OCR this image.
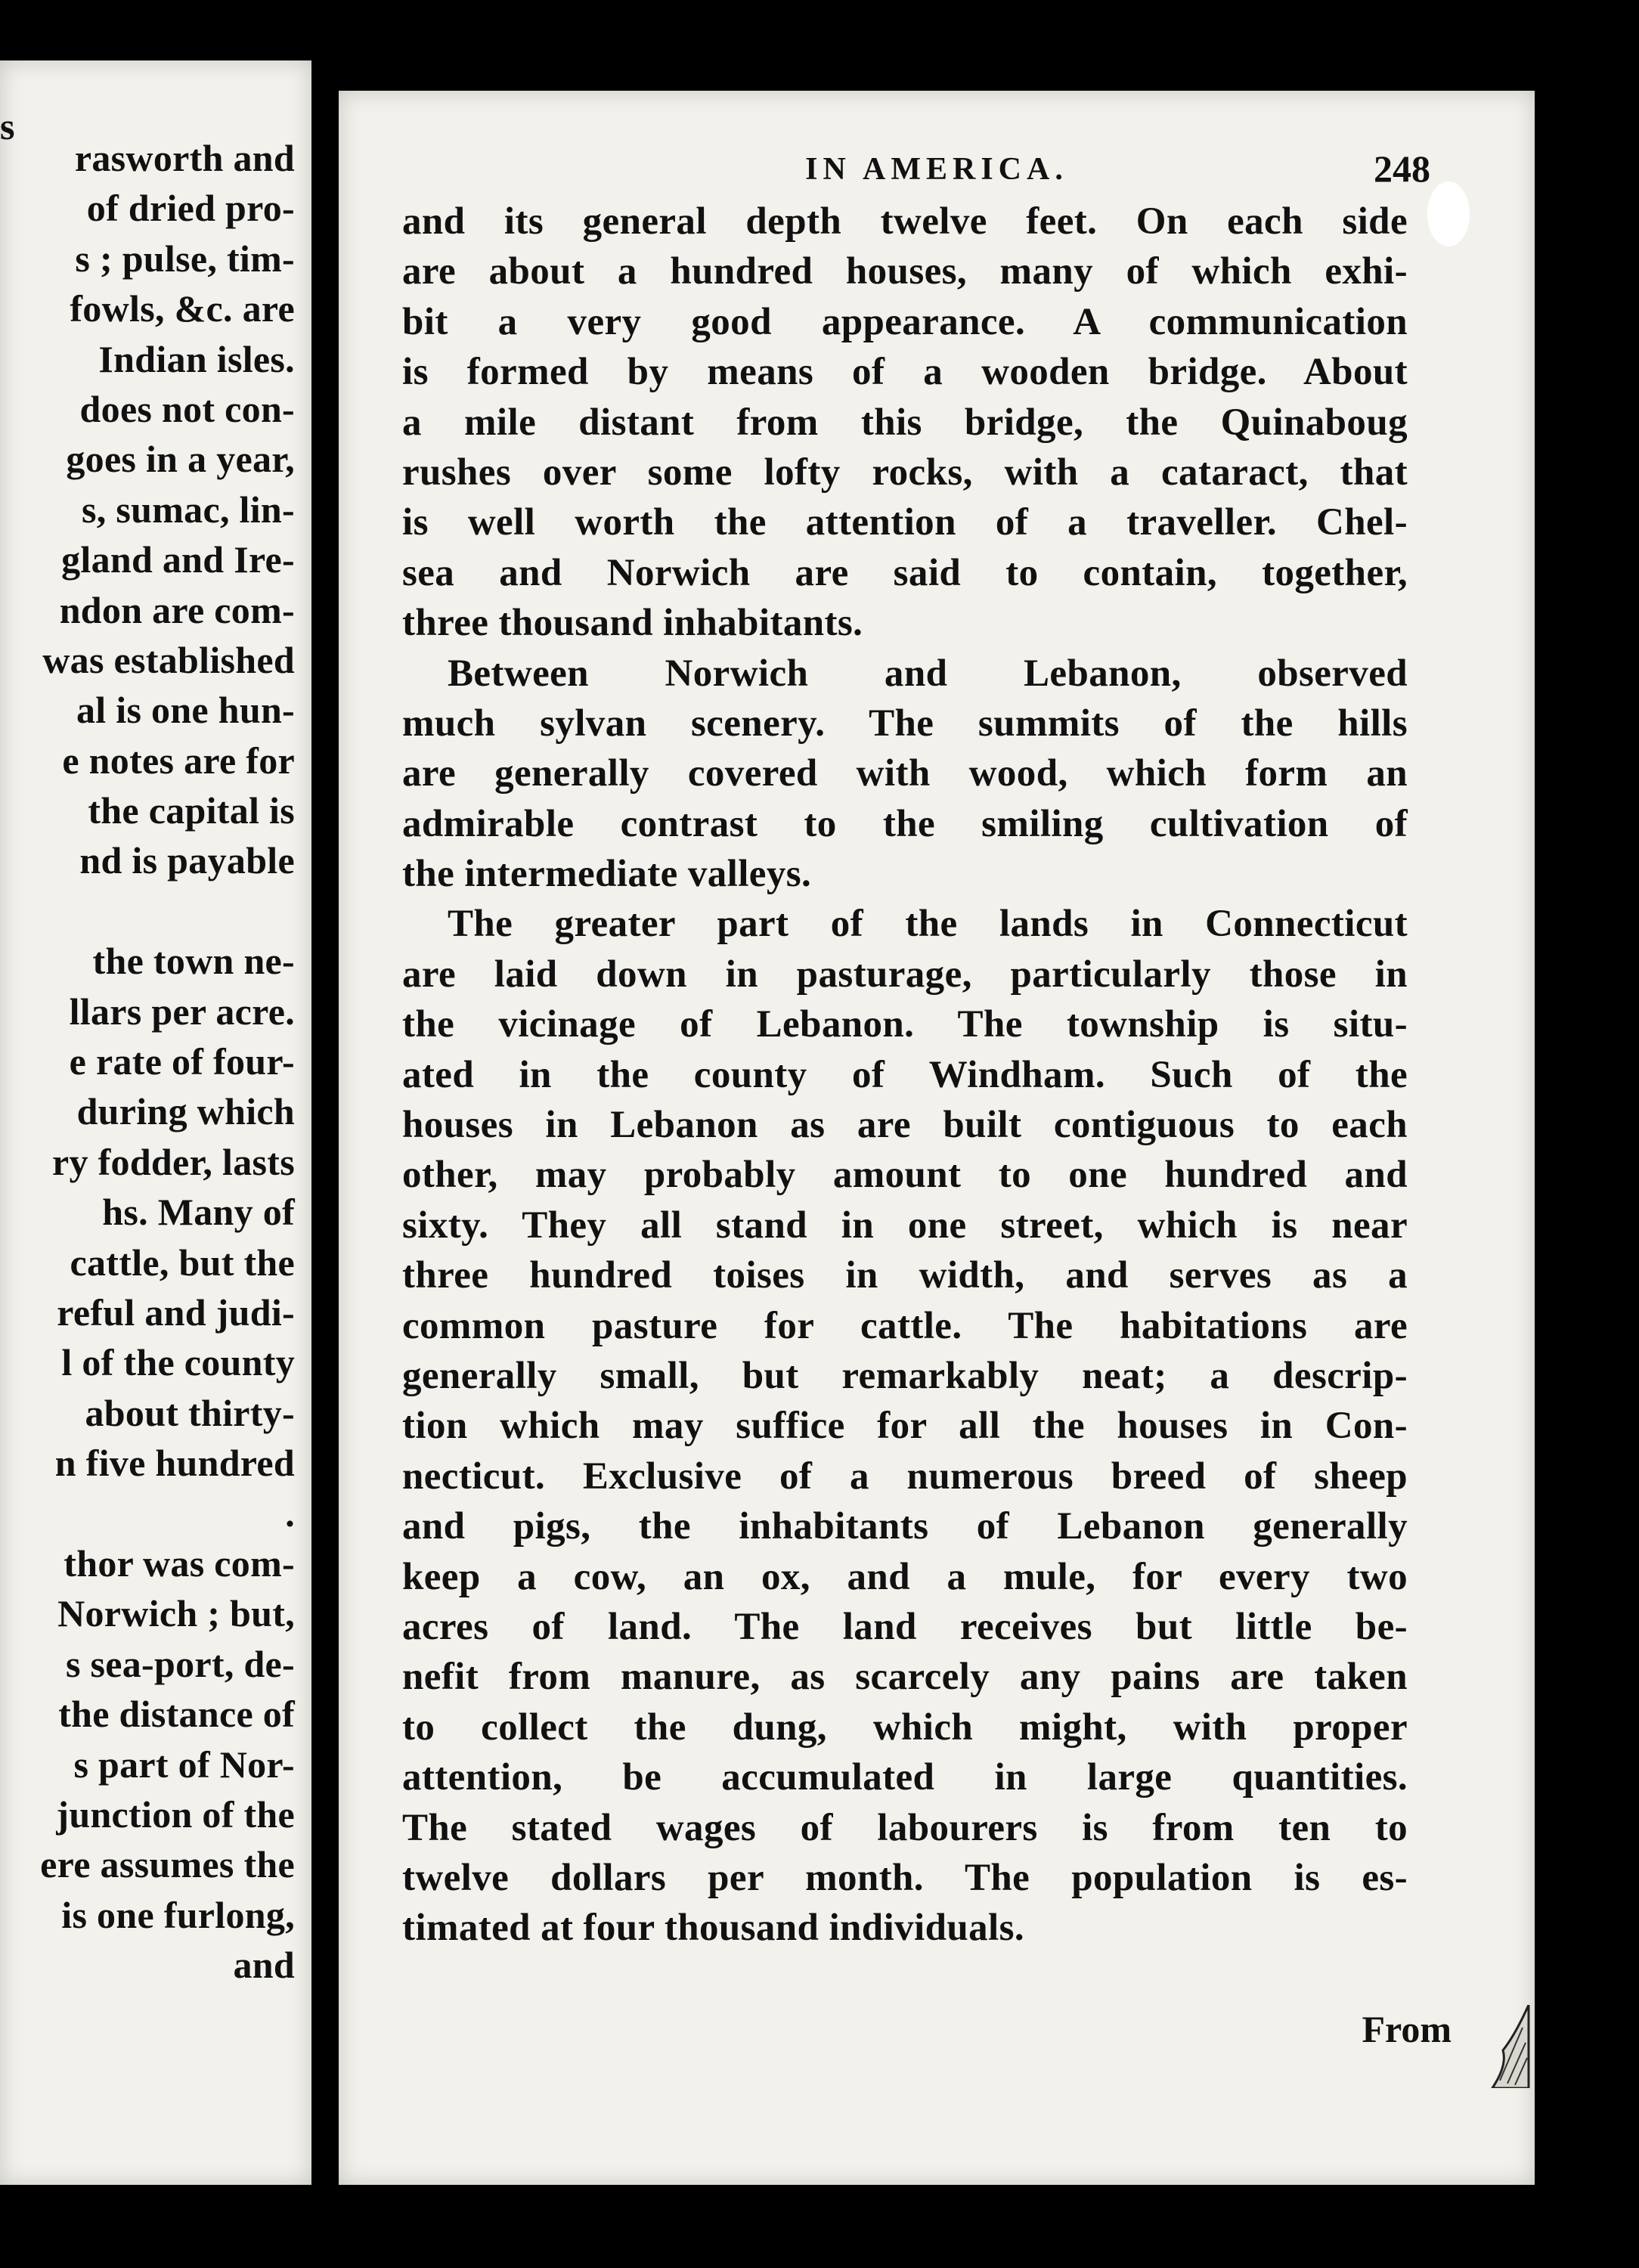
s
rasworth and
of dried pro-
s ; pulse, tim-
fowls, &c. are
Indian isles.
does not con-
goes in a year,
s, sumac, lin-
gland and Ire-
ndon are com-
was established
al is one hun-
e notes are for
the capital is
nd is payable
the town ne-
llars per acre.
e rate of four-
during which
ry fodder, lasts
hs. Many of
cattle, but the
reful and judi-
l of the county
about thirty-
n five hundred
.
thor was com-
Norwich ; but,
s sea-port, de-
the distance of
s part of Nor-
junction of the
ere assumes the
is one furlong,
and
IN AMERICA.	248
and its general depth twelve feet. On each side
are about a hundred houses, many of which exhi-
bit a very good appearance. A communication
is formed by means of a wooden bridge. About
a mile distant from this bridge, the Quinaboug
rushes over some lofty rocks, with a cataract, that
is well worth the attention of a traveller. Chel-
sea and Norwich are said to contain, together,
three thousand inhabitants.
Between Norwich and Lebanon, observed
much sylvan scenery. The summits of the hills
are generally covered with wood, which form an
admirable contrast to the smiling cultivation of
the intermediate valleys.
The greater part of the lands in Connecticut
are laid down in pasturage, particularly those in
the vicinage of Lebanon. The township is situ-
ated in the county of Windham. Such of the
houses in Lebanon as are built contiguous to each
other, may probably amount to one hundred and
sixty. They all stand in one street, which is near
three hundred toises in width, and serves as a
common pasture for cattle. The habitations are
generally small, but remarkably neat; a descrip-
tion which may suffice for all the houses in Con-
necticut. Exclusive of a numerous breed of sheep
and pigs, the inhabitants of Lebanon generally
keep a cow, an ox, and a mule, for every two
acres of land. The land receives but little be-
nefit from manure, as scarcely any pains are taken
to collect the dung, which might, with proper
attention, be accumulated in large quantities.
The stated wages of labourers is from ten to
twelve dollars per month. The population is es-
timated at four thousand individuals.
From
